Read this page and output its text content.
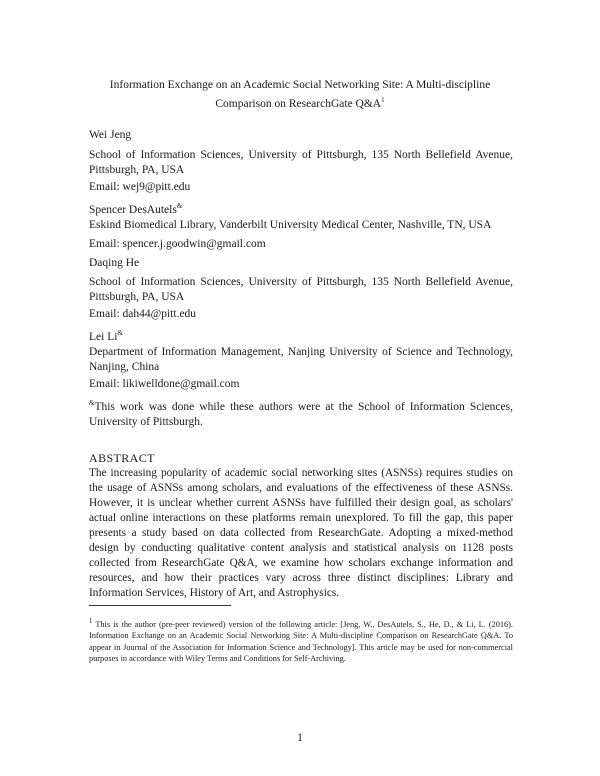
Information Exchange on an Academic Social Networking Site: A Multi-discipline
Comparison on ResearchGate $Q\&A^1$
Wei Jeng
School of Information Sciences, University of Pittsburgh, 135 North Bellefield Avenue, Pittsburgh, PA, USA
Email: wej9@pitt.edu
Spencer DesAutels&
Eskind Biomedical Library, Vanderbilt University Medical Center, Nashville, TN, USA
Email: spencer.j.goodwin@gmail.com
Daqing He
School of Information Sciences, University of Pittsburgh, 135 North Bellefield Avenue, Pittsburgh, PA, USA
Email: dah44@pitt.edu
Lei Li&
Department of Information Management, Nanjing University of Science and Technology, Nanjing, China
Email: likiwelldone@gmail.com
&This work was done while these authors were at the School of Information Sciences, University of Pittsburgh.
ABSTRACT
The increasing popularity of academic social networking sites (ASNSs) requires studies on the usage of ASNSs among scholars, and evaluations of the effectiveness of these ASNSs. However, it is unclear whether current ASNSs have fulfilled their design goal, as scholars' actual online interactions on these platforms remain unexplored. To fill the gap, this paper presents a study based on data collected from ResearchGate. Adopting a mixed-method design by conducting qualitative content analysis and statistical analysis on 1128 posts collected from ResearchGate Q&A, we examine how scholars exchange information and resources, and how their practices vary across three distinct disciplines: Library and Information Services, History of Art, and Astrophysics.
$^1$ This is the author (pre-peer reviewed) version of the following article: [Jeng, W., DesAutels, S., He, D., & Li, L. (2016). Information Exchange on an Academic Social Networking Site: A Multi-discipline Comparison on ResearchGate Q&A. To appear in Journal of the Association for Information Science and Technology]. This article may be used for non-commercial purposes in accordance with Wiley Terms and Conditions for Self-Archiving.
1
